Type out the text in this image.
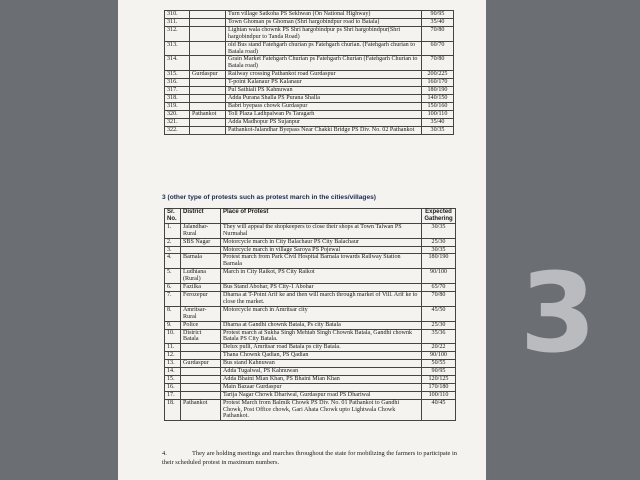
3
310.		Turn village Satkoha PS Sekhwan (On National Highway)	90/95
311.		Town Ghoman ps Ghoman (Shri hargobindpur road to Batala)	35/40
312.		Lightan wala chownk PS Shri hargobindpur ps Shri hargobindpur(Shri hargobindpur to Tanda Road)	70/80
313.		old Bus stand Fatehgarh churian ps Fatehgarh churian. (Fatehgarh churian to Batala road)	60/70
314.		Grain Market Fatehgarh Churian ps Fatehgarh Churian (Fatehgarh Churian to Batala road)	70/80
315.	Gurdaspur	Railway crossing Pathankot road Gurdaspur	200/225
316.		T-point Kalanaur PS Kalanaur	160/170
317.		Pul Sathiali PS Kahnuwan	180/190
318.		Adda Purana Shalla PS Purana Shalla	140/150
319.		Babri byepass chowk Gurdaspur	150/160
320.	Pathankot	Toll Plaza Ladhpalwan Ps Taragarh	100/110
321.		Adda Madhopur PS Sujanpur	35/40
322.		Pathankot-Jalandhar Byepass Near Chakki Bridge PS Div. No. 02 Pathankot	30/35
3 (other type of protests such as protest march in the cities/villages)
Sr. No.	District	Place of Protest	Expected Gathering
1.	Jalandhar-Rural	They will appeal the shopkeepers to close their shops at Town Talwan PS Nurmahal	30/35
2.	SBS Nagar	Motorcycle march in City Balachaur PS City Balachaur	25/30
3.		Motorcycle march in village Saroya PS Pojewal	30/35
4.	Barnala	Protest march from Park Civil Hospital Barnala towards Railway Station Barnala	180/190
5.	Ludhiana (Rural)	March in City Raikot, PS City Raikot	90/100
6.	Fazilka	Bus Stand Abohar, PS City-1 Abohar	65/70
7.	Ferozepur	Dharna at T-Point Arif ke and then will march through market of Vill. Arif ke to close the market.	70/80
8.	Amritsar-Rural	Motorcycle march in Amritsar city	45/50
9.	Police	Dharna at Gandhi chownk Batala, Ps city Batala	25/30
10.	District Batala	Protest march at Sukha Singh Mehtab Singh Chownk Batala, Gandhi chownk Batala PS City Batala.	35/36
11.		Delux pulli, Amritsar road Batala ps city Batala.	20/22
12.		Thana Chownk Qadian, PS Qadian	90/100
13.	Gurdaspur	Bus stand Kahnuwan	50/55
14.		Adda Tugalwal, PS Kahnuwan	90/95
15.		Adda Bhaini Mian Khan, PS Bhaini Mian Khan	120/125
16.		Main Bazaar Gurdaspur	170/180
17.		Tarija Nagar Chowk Dhariwal, Gurdaspur road PS Dhariwal	100/110
18.	Pathankot	Protest March from Balmik Chowk PS Div. No. 01 Pathankot to Gandhi Chowk, Post Office chowk, Gari Ahata Chowk upto Lightwala Chowk Pathankot.	40/45
4.	They are holding meetings and marches throughout the state for mobilizing the farmers to participate in their scheduled protest in maximum numbers.
